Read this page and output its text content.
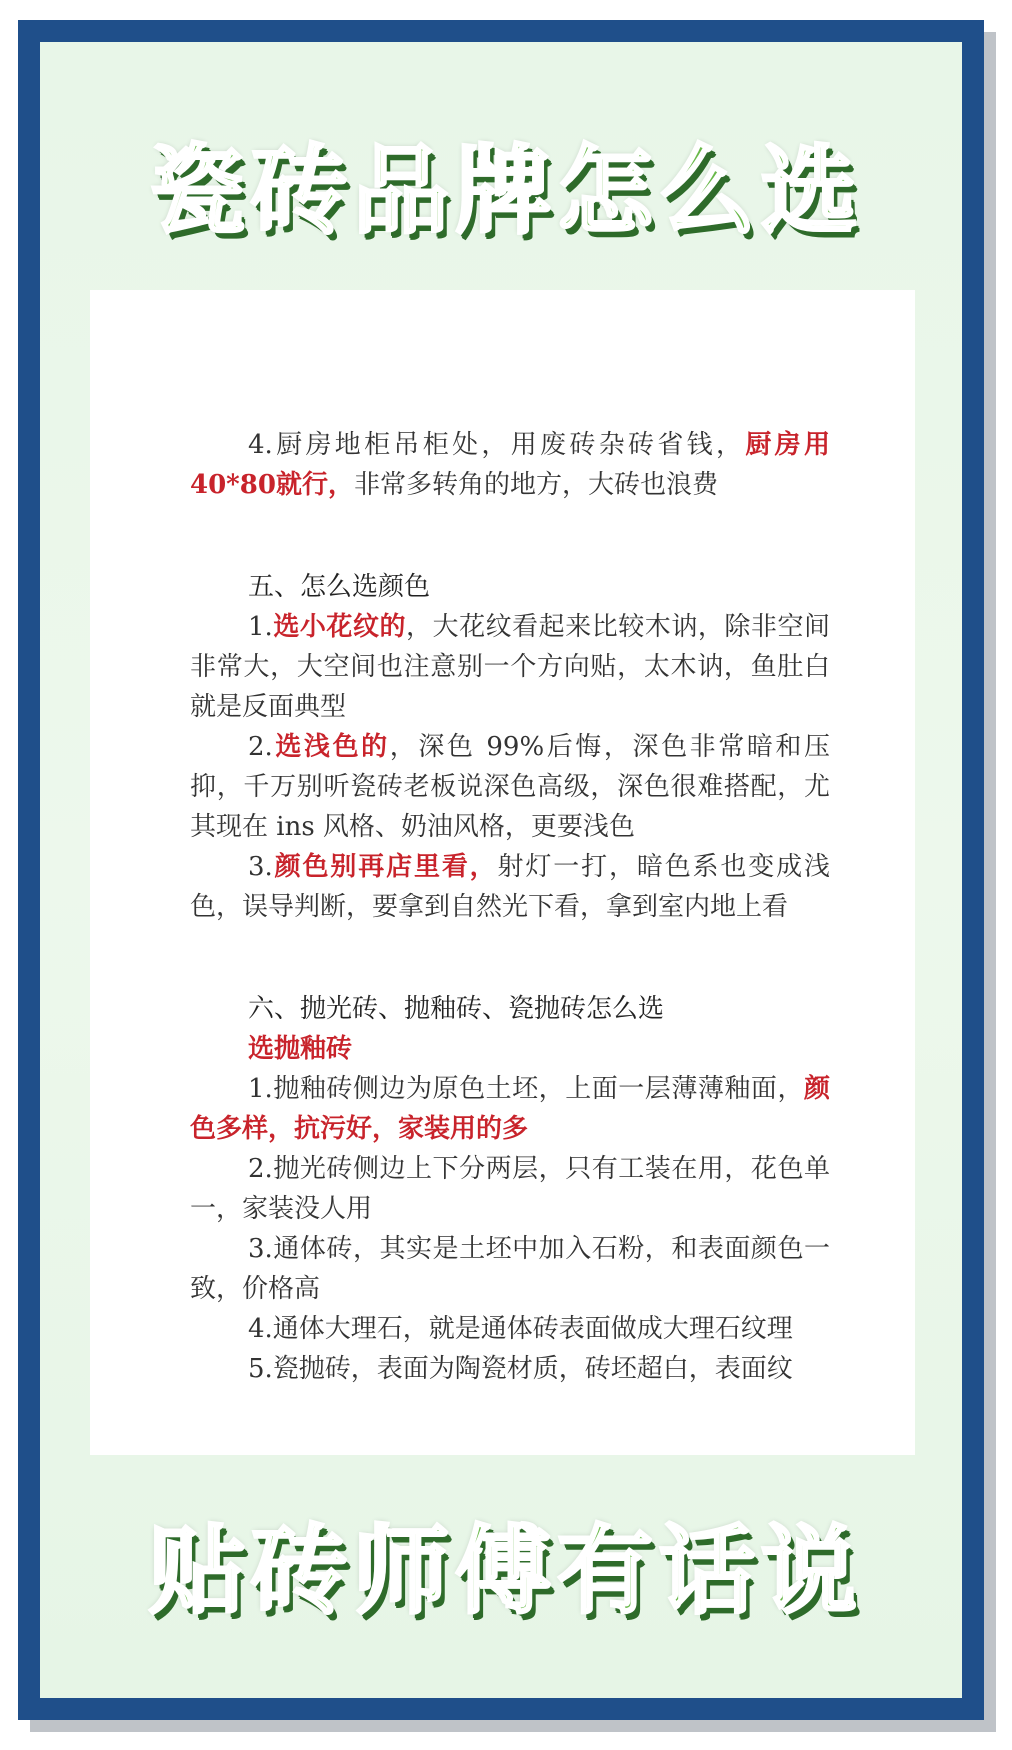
瓷砖品牌怎么选

4.厨房地柜吊柜处，用废砖杂砖省钱，厨房用40*80就行，非常多转角的地方，大砖也浪费

五、怎么选颜色

1.选小花纹的，大花纹看起来比较木讷，除非空间非常大，大空间也注意别一个方向贴，太木讷，鱼肚白就是反面典型

2.选浅色的，深色 99%后悔，深色非常暗和压抑，千万别听瓷砖老板说深色高级，深色很难搭配，尤其现在 ins 风格、奶油风格，更要浅色

3.颜色别再店里看，射灯一打，暗色系也变成浅色，误导判断，要拿到自然光下看，拿到室内地上看

六、抛光砖、抛釉砖、瓷抛砖怎么选
选抛釉砖

1.抛釉砖侧边为原色土坯，上面一层薄薄釉面，颜色多样，抗污好，家装用的多

2.抛光砖侧边上下分两层，只有工装在用，花色单一，家装没人用

3.通体砖，其实是土坯中加入石粉，和表面颜色一致，价格高

4.通体大理石，就是通体砖表面做成大理石纹理

5.瓷抛砖，表面为陶瓷材质，砖坯超白，表面纹

贴砖师傅有话说
